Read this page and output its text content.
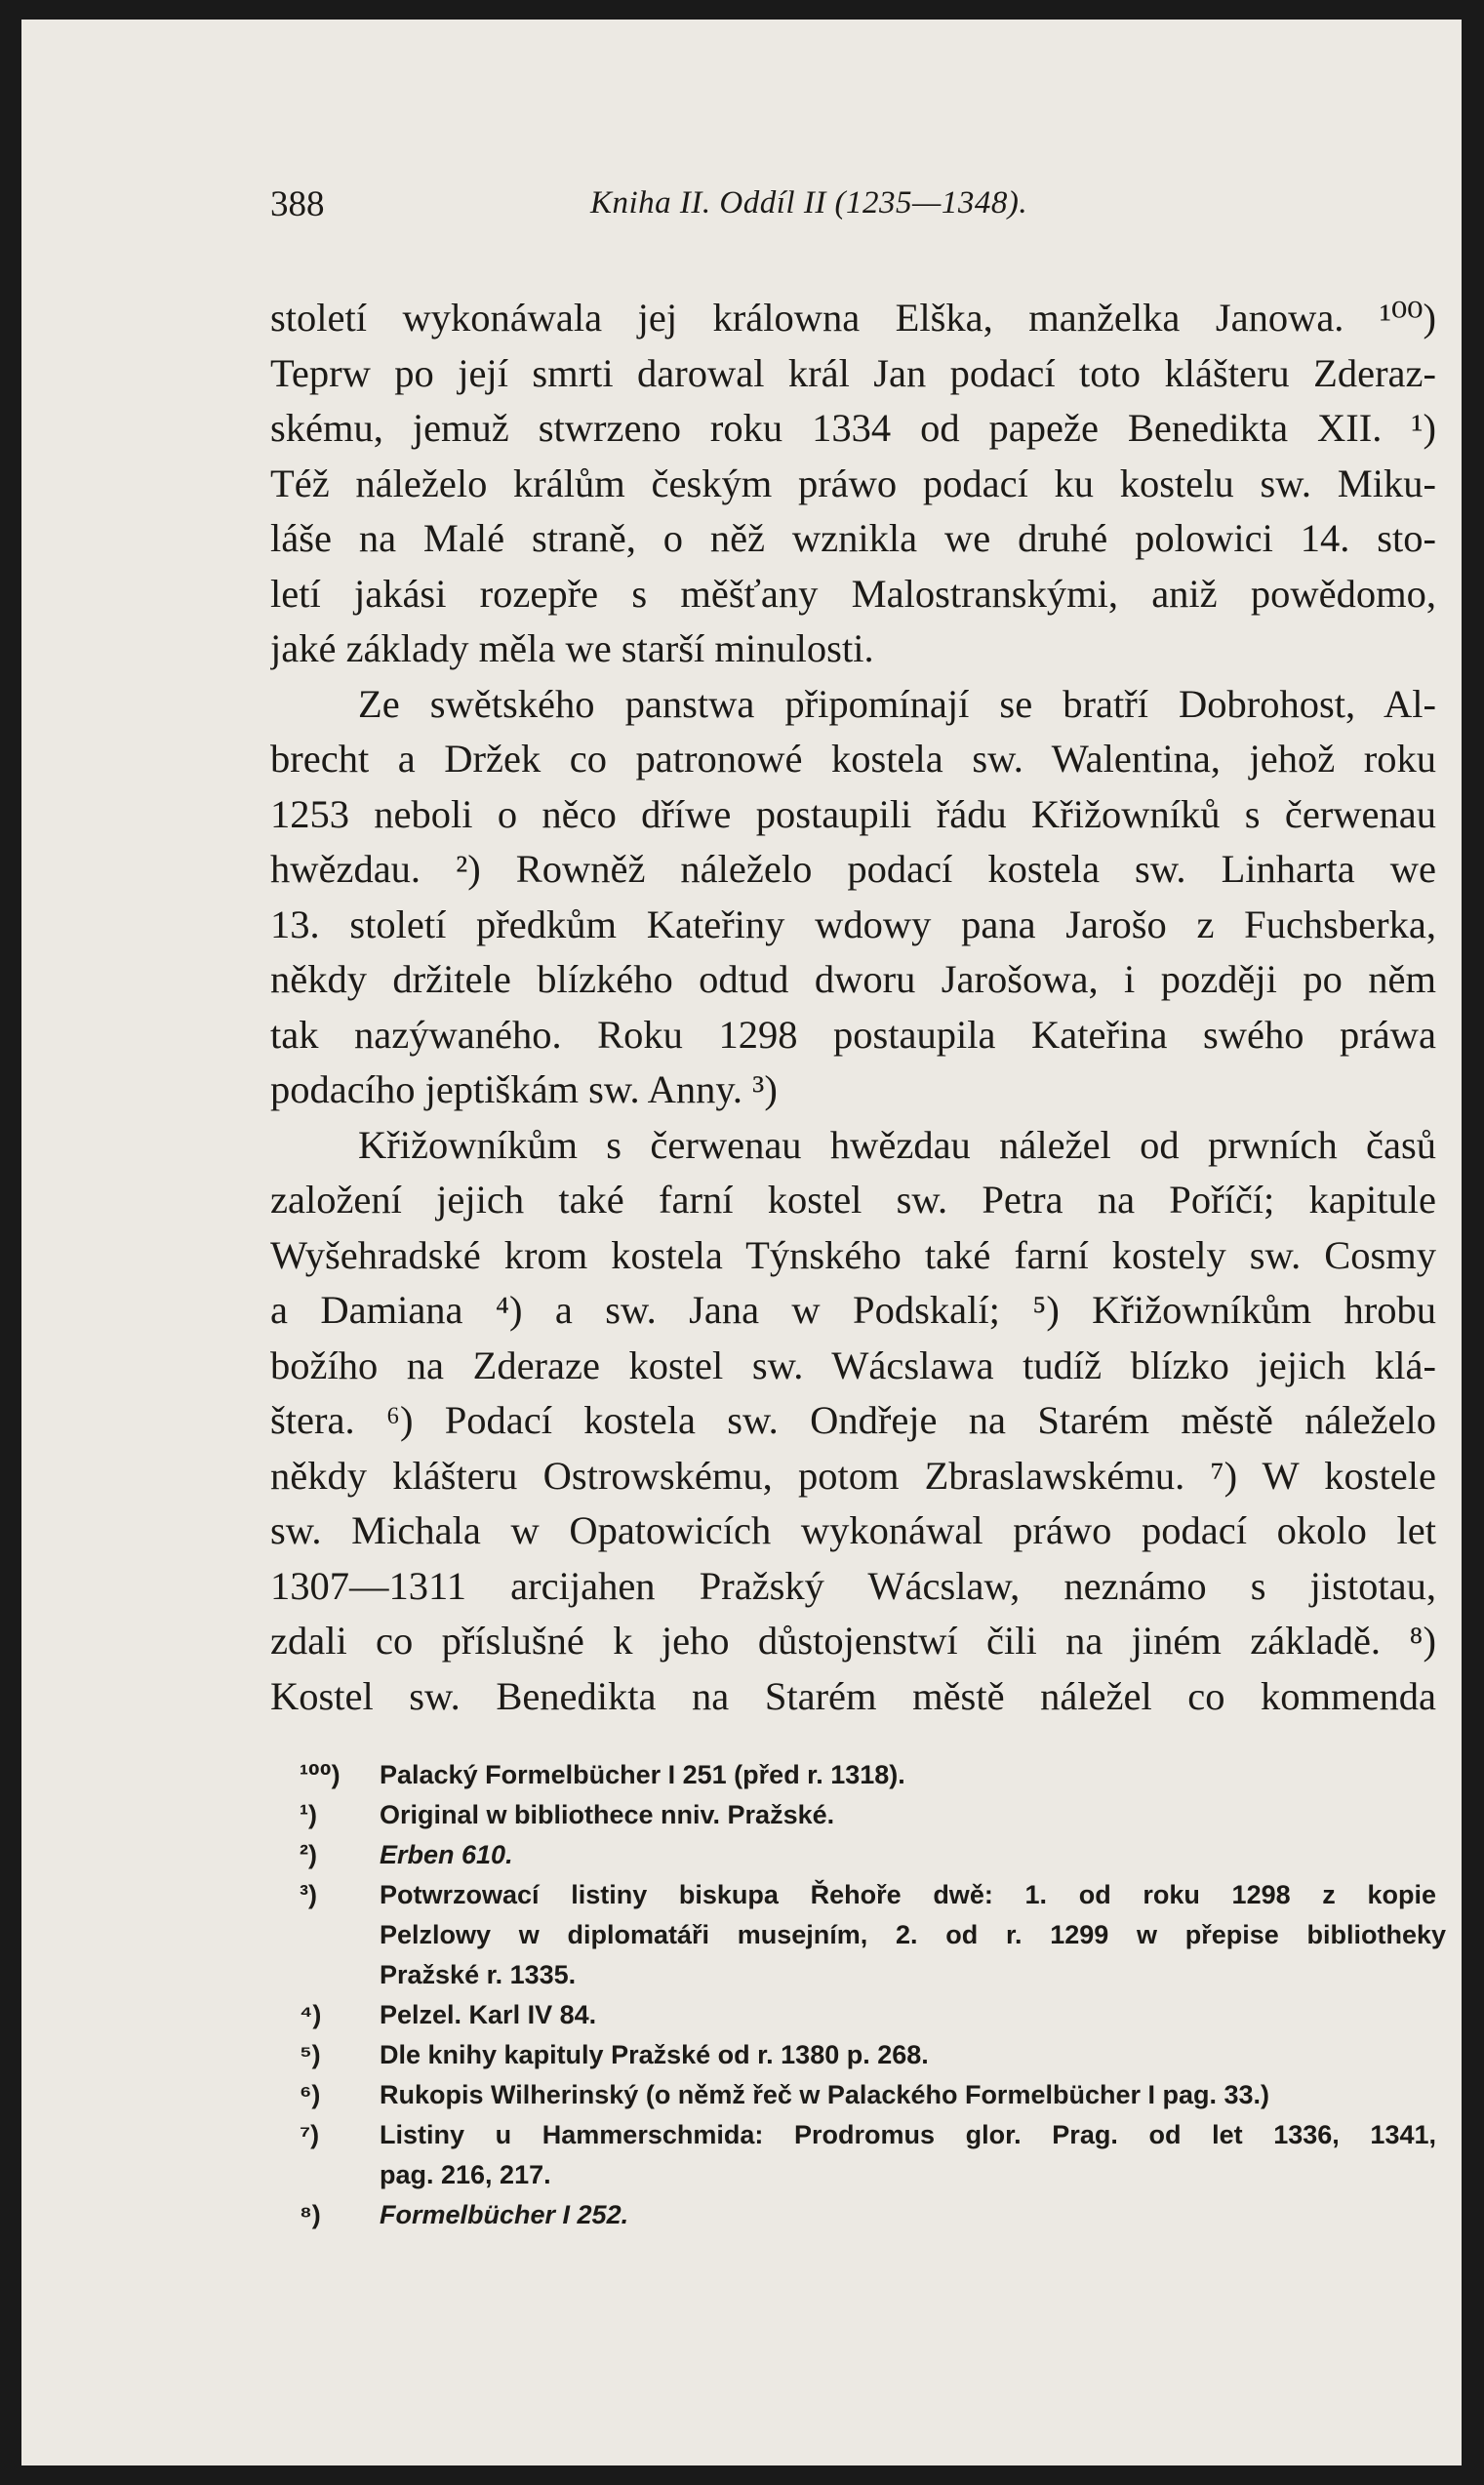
388	Kniha II. Oddíl II (1235—1348).
století wykonáwala jej králowna Elška, manželka Janowa. ¹⁰⁰)
Teprw po její smrti darowal král Jan podací toto klášteru Zderaz-
skému, jemuž stwrzeno roku 1334 od papeže Benedikta XII. ¹)
Též náleželo králům českým práwo podací ku kostelu sw. Miku-
láše na Malé straně, o něž wznikla we druhé polowici 14. sto-
letí jakási rozepře s měšťany Malostranskými, aniž powědomo,
jaké základy měla we starší minulosti.
Ze swětského panstwa připomínají se bratří Dobrohost, Al-
brecht a Držek co patronowé kostela sw. Walentina, jehož roku
1253 neboli o něco dříwe postaupili řádu Křižowníků s čerwenau
hwězdau. ²) Rowněž náleželo podací kostela sw. Linharta we
13. století předkům Kateřiny wdowy pana Jarošo z Fuchsberka,
někdy držitele blízkého odtud dworu Jarošowa, i později po něm
tak nazýwaného. Roku 1298 postaupila Kateřina swého práwa
podacího jeptiškám sw. Anny. ³)
Křižowníkům s čerwenau hwězdau náležel od prwních časů
založení jejich také farní kostel sw. Petra na Poříčí; kapitule
Wyšehradské krom kostela Týnského také farní kostely sw. Cosmy
a Damiana ⁴) a sw. Jana w Podskalí; ⁵) Křižowníkům hrobu
božího na Zderaze kostel sw. Wácslawa tudíž blízko jejich klá-
štera. ⁶) Podací kostela sw. Ondřeje na Starém městě náleželo
někdy klášteru Ostrowskému, potom Zbraslawskému. ⁷) W kostele
sw. Michala w Opatowicích wykonáwal práwo podací okolo let
1307—1311 arcijahen Pražský Wácslaw, neznámo s jistotau,
zdali co příslušné k jeho důstojenstwí čili na jiném základě. ⁸)
Kostel sw. Benedikta na Starém městě náležel co kommenda
¹⁰⁰)	Palacký Formelbücher I 251 (před r. 1318).
¹)	Original w bibliothece nniv. Pražské.
²)	Erben 610.
³)	Potwrzowací listiny biskupa Řehoře dwě: 1. od roku 1298 z kopie
Pelzlowy w diplomatáři musejním, 2. od r. 1299 w přepise bibliotheky
Pražské r. 1335.
⁴)	Pelzel. Karl IV 84.
⁵)	Dle knihy kapituly Pražské od r. 1380 p. 268.
⁶)	Rukopis Wilherinský (o němž řeč w Palackého Formelbücher I pag. 33.)
⁷)	Listiny u Hammerschmida: Prodromus glor. Prag. od let 1336, 1341,
pag. 216, 217.
⁸)	Formelbücher I 252.
